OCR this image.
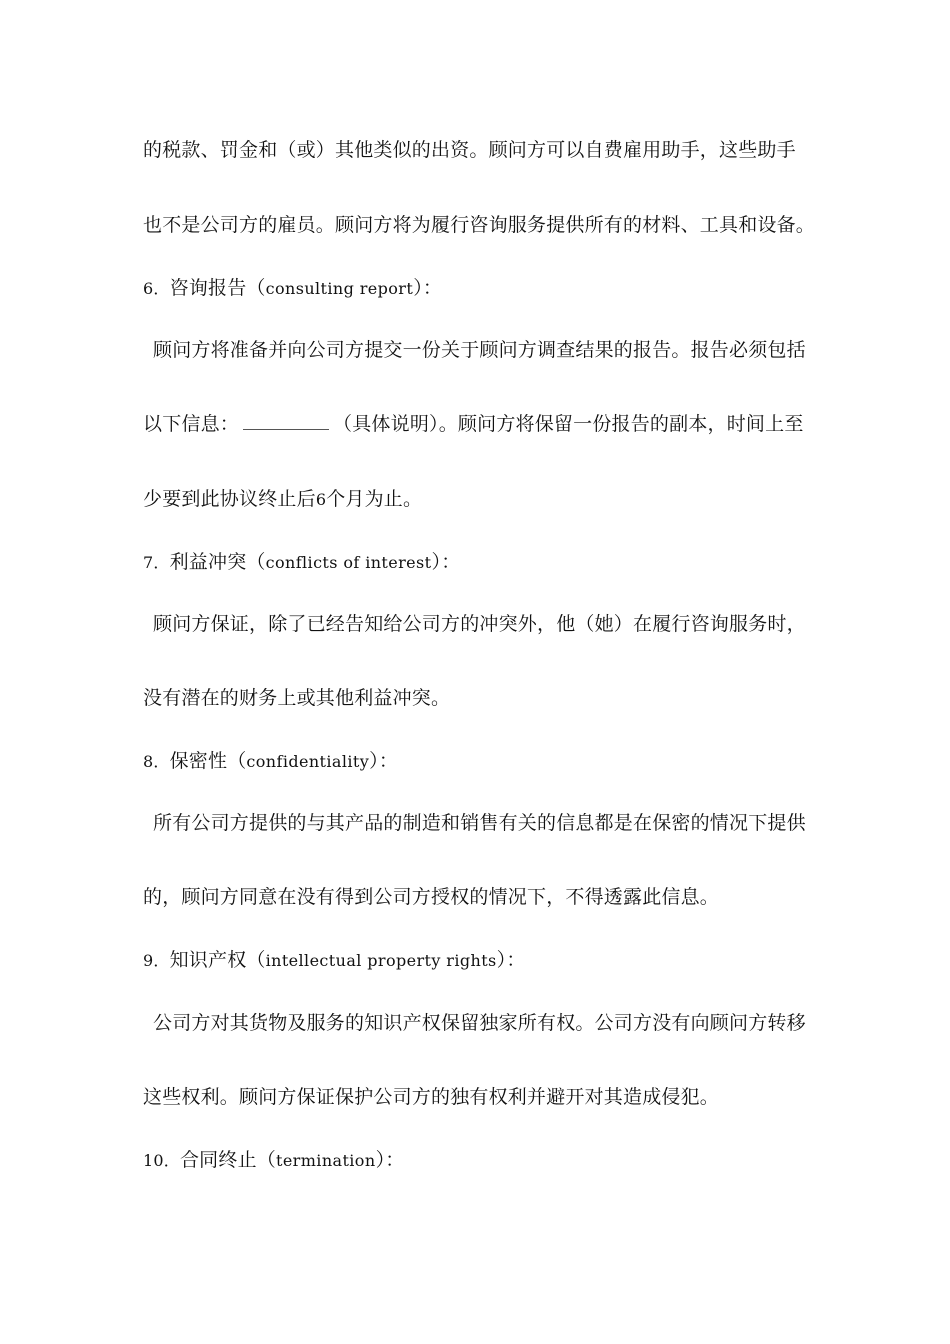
的税款、罚金和（或）其他类似的出资。顾问方可以自费雇用助手，这些助手
也不是公司方的雇员。顾问方将为履行咨询服务提供所有的材料、工具和设备。
6．咨询报告（consulting report）：
顾问方将准备并向公司方提交一份关于顾问方调查结果的报告。报告必须包括
以下信息：	（具体说明）。顾问方将保留一份报告的副本，时间上至
少要到此协议终止后6个月为止。
7．利益冲突（conflicts of interest）：
顾问方保证，除了已经告知给公司方的冲突外，他（她）在履行咨询服务时，
没有潜在的财务上或其他利益冲突。
8．保密性（confidentiality）：
所有公司方提供的与其产品的制造和销售有关的信息都是在保密的情况下提供
的，顾问方同意在没有得到公司方授权的情况下，不得透露此信息。
9．知识产权（intellectual property rights）：
公司方对其货物及服务的知识产权保留独家所有权。公司方没有向顾问方转移
这些权利。顾问方保证保护公司方的独有权利并避开对其造成侵犯。
10．合同终止（termination）：
